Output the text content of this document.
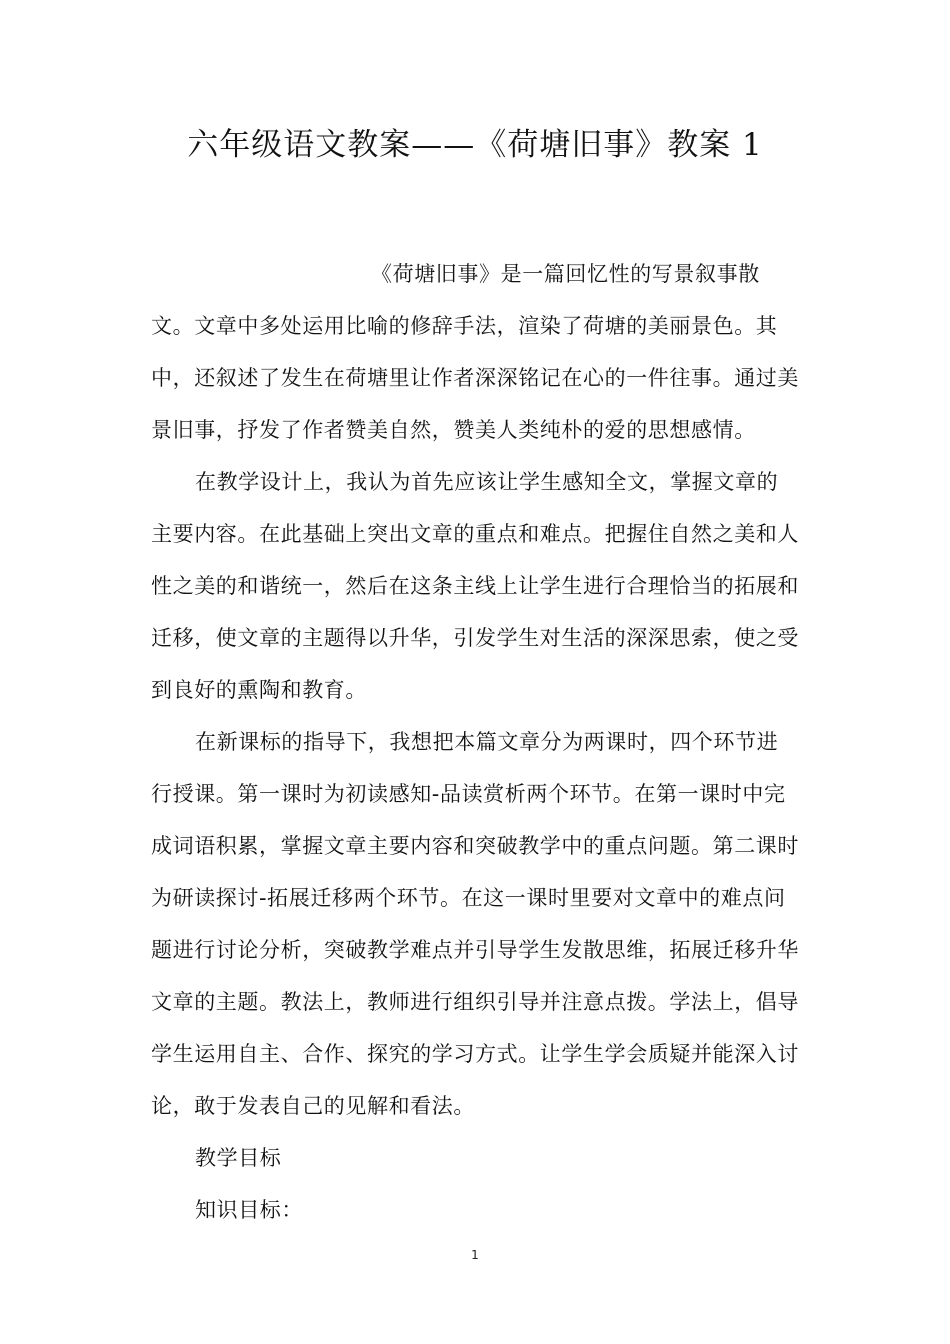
六年级语文教案——《荷塘旧事》教案 1

《荷塘旧事》是一篇回忆性的写景叙事散文。文章中多处运用比喻的修辞手法，渲染了荷塘的美丽景色。其中，还叙述了发生在荷塘里让作者深深铭记在心的一件往事。通过美景旧事，抒发了作者赞美自然，赞美人类纯朴的爱的思想感情。

在教学设计上，我认为首先应该让学生感知全文，掌握文章的主要内容。在此基础上突出文章的重点和难点。把握住自然之美和人性之美的和谐统一，然后在这条主线上让学生进行合理恰当的拓展和迁移，使文章的主题得以升华，引发学生对生活的深深思索，使之受到良好的熏陶和教育。

在新课标的指导下，我想把本篇文章分为两课时，四个环节进行授课。第一课时为初读感知-品读赏析两个环节。在第一课时中完成词语积累，掌握文章主要内容和突破教学中的重点问题。第二课时为研读探讨-拓展迁移两个环节。在这一课时里要对文章中的难点问题进行讨论分析，突破教学难点并引导学生发散思维，拓展迁移升华文章的主题。教法上，教师进行组织引导并注意点拨。学法上，倡导学生运用自主、合作、探究的学习方式。让学生学会质疑并能深入讨论，敢于发表自己的见解和看法。

教学目标

知识目标：

1
